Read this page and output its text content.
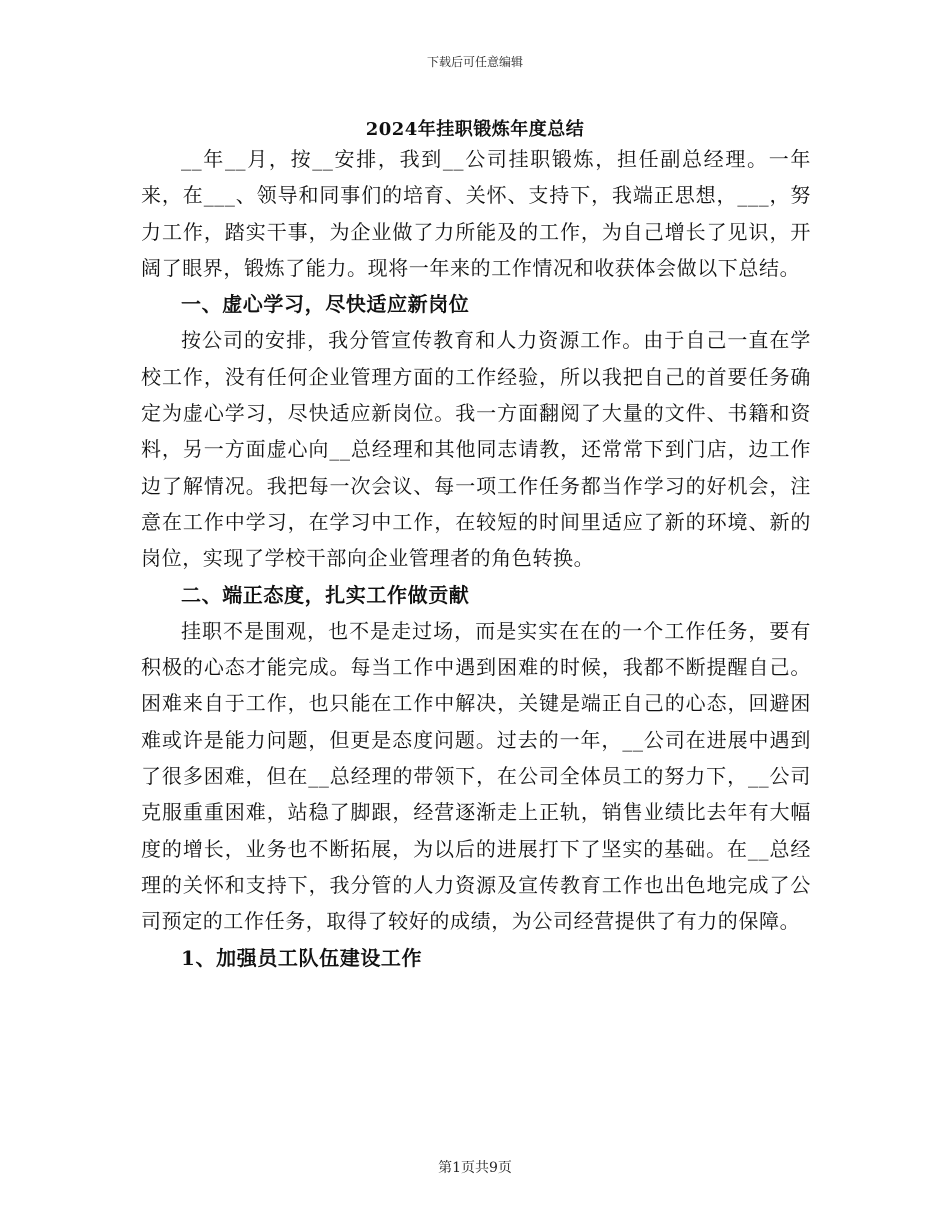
下载后可任意编辑
2024年挂职锻炼年度总结

__年__月，按__安排，我到__公司挂职锻炼，担任副总经理。一年来，在___、领导和同事们的培育、关怀、支持下，我端正思想，___，努力工作，踏实干事，为企业做了力所能及的工作，为自己增长了见识，开阔了眼界，锻炼了能力。现将一年来的工作情况和收获体会做以下总结。

一、虚心学习，尽快适应新岗位

按公司的安排，我分管宣传教育和人力资源工作。由于自己一直在学校工作，没有任何企业管理方面的工作经验，所以我把自己的首要任务确定为虚心学习，尽快适应新岗位。我一方面翻阅了大量的文件、书籍和资料，另一方面虚心向__总经理和其他同志请教，还常常下到门店，边工作边了解情况。我把每一次会议、每一项工作任务都当作学习的好机会，注意在工作中学习，在学习中工作，在较短的时间里适应了新的环境、新的岗位，实现了学校干部向企业管理者的角色转换。

二、端正态度，扎实工作做贡献

挂职不是围观，也不是走过场，而是实实在在的一个工作任务，要有积极的心态才能完成。每当工作中遇到困难的时候，我都不断提醒自己。困难来自于工作，也只能在工作中解决，关键是端正自己的心态，回避困难或许是能力问题，但更是态度问题。过去的一年，__公司在进展中遇到了很多困难，但在__总经理的带领下，在公司全体员工的努力下，__公司克服重重困难，站稳了脚跟，经营逐渐走上正轨，销售业绩比去年有大幅度的增长，业务也不断拓展，为以后的进展打下了坚实的基础。在__总经理的关怀和支持下，我分管的人力资源及宣传教育工作也出色地完成了公司预定的工作任务，取得了较好的成绩，为公司经营提供了有力的保障。

1、加强员工队伍建设工作
第1页共9页
